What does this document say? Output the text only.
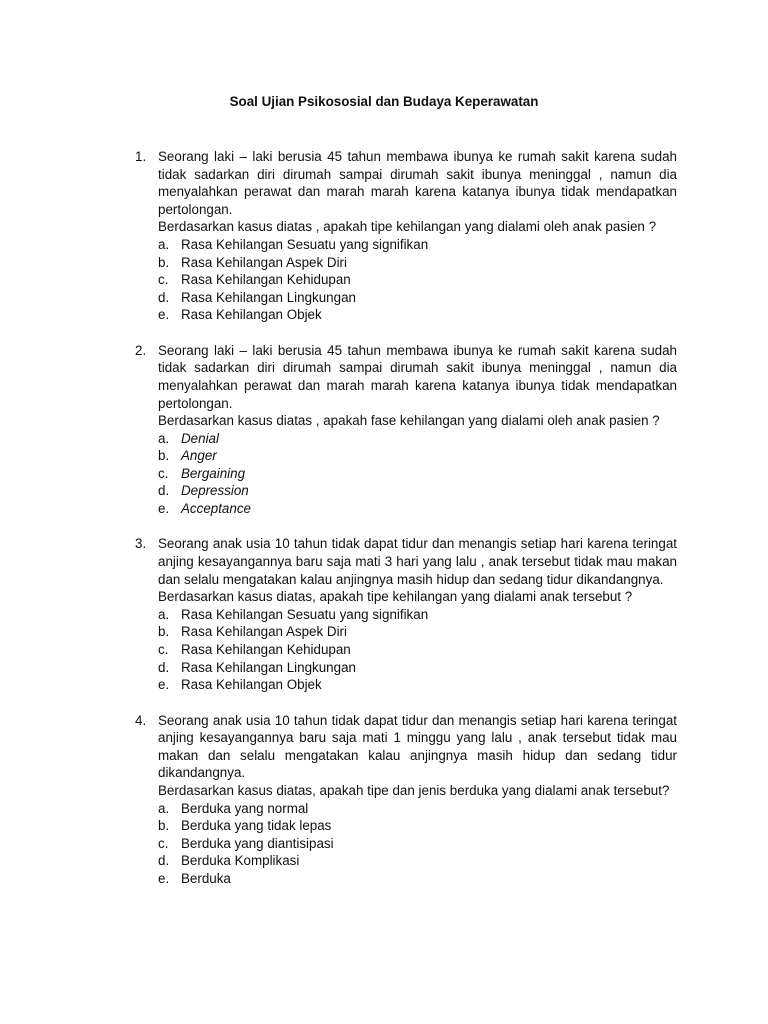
Soal Ujian Psikososial dan Budaya Keperawatan
1. Seorang laki – laki berusia 45 tahun membawa ibunya ke rumah sakit karena sudah tidak sadarkan diri dirumah sampai dirumah sakit ibunya meninggal , namun dia menyalahkan perawat dan marah marah karena katanya ibunya tidak mendapatkan pertolongan.
Berdasarkan kasus diatas , apakah tipe kehilangan yang dialami oleh anak pasien ?
a. Rasa Kehilangan Sesuatu yang signifikan
b. Rasa Kehilangan Aspek Diri
c. Rasa Kehilangan Kehidupan
d. Rasa Kehilangan Lingkungan
e. Rasa Kehilangan Objek
2. Seorang laki – laki berusia 45 tahun membawa ibunya ke rumah sakit karena sudah tidak sadarkan diri dirumah sampai dirumah sakit ibunya meninggal , namun dia menyalahkan perawat dan marah marah karena katanya ibunya tidak mendapatkan pertolongan.
Berdasarkan kasus diatas , apakah fase kehilangan yang dialami oleh anak pasien ?
a. Denial
b. Anger
c. Bergaining
d. Depression
e. Acceptance
3. Seorang anak usia 10 tahun tidak dapat tidur dan menangis setiap hari karena teringat anjing kesayangannya baru saja mati 3 hari yang lalu , anak tersebut tidak mau makan dan selalu mengatakan kalau anjingnya masih hidup dan sedang tidur dikandangnya.
Berdasarkan kasus diatas, apakah tipe kehilangan yang dialami anak tersebut ?
a. Rasa Kehilangan Sesuatu yang signifikan
b. Rasa Kehilangan Aspek Diri
c. Rasa Kehilangan Kehidupan
d. Rasa Kehilangan Lingkungan
e. Rasa Kehilangan Objek
4. Seorang anak usia 10 tahun tidak dapat tidur dan menangis setiap hari karena teringat anjing kesayangannya baru saja mati 1 minggu yang lalu , anak tersebut tidak mau makan dan selalu mengatakan kalau anjingnya masih hidup dan sedang tidur dikandangnya.
Berdasarkan kasus diatas, apakah tipe dan jenis berduka yang dialami anak tersebut?
a. Berduka yang normal
b. Berduka yang tidak lepas
c. Berduka yang diantisipasi
d. Berduka Komplikasi
e. Berduka
